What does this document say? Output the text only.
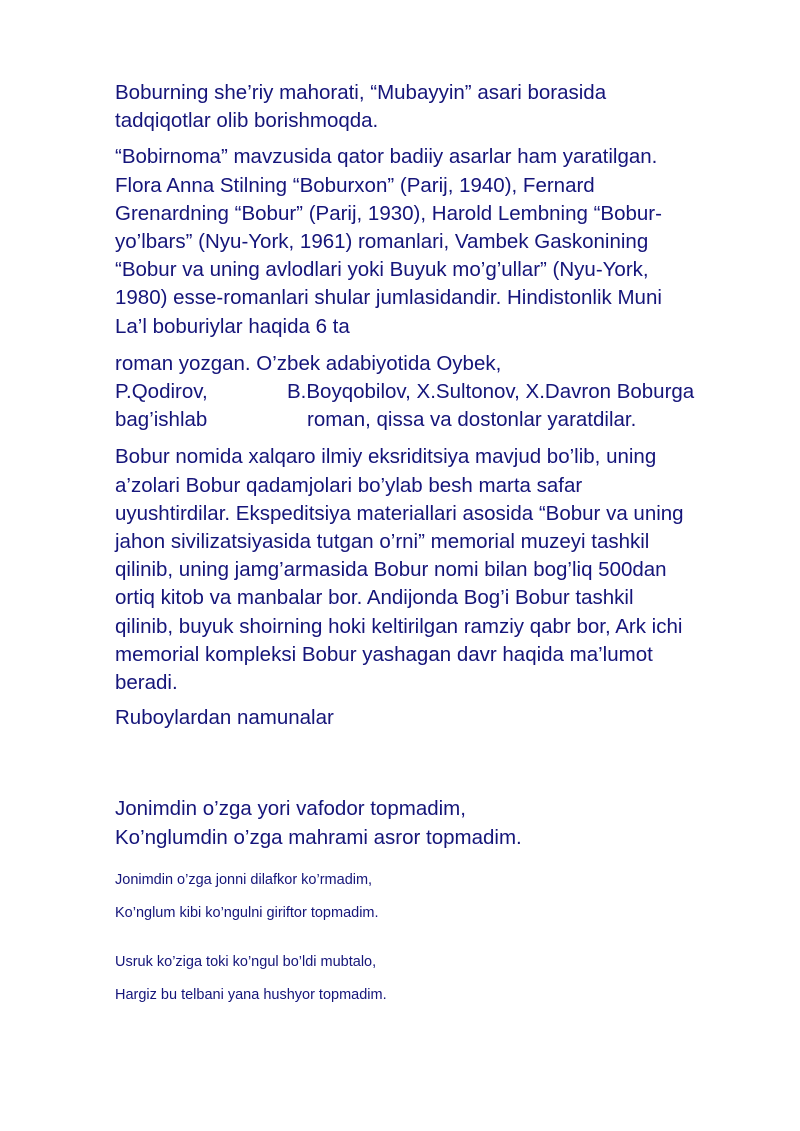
Boburning she’riy mahorati, “Mubayyin” asari borasida
tadqiqotlar olib borishmoqda.
“Bobirnoma” mavzusida qator badiiy asarlar ham yaratilgan.
Flora Anna Stilning “Boburxon” (Parij, 1940), Fernard
Grenardning “Bobur” (Parij, 1930), Harold Lembning “Bobur-
yo’lbars” (Nyu-York, 1961) romanlari, Vambek Gaskonining
“Bobur va uning avlodlari yoki Buyuk mo’g’ullar” (Nyu-York,
1980) esse-romanlari shular jumlasidandir. Hindistonlik Muni
La’l boburiylar haqida 6 ta
roman yozgan. O’zbek adabiyotida Oybek,
P.Qodirov,	B.Boyqobilov, X.Sultonov, X.Davron Boburga
bag’ishlab	roman, qissa va dostonlar yaratdilar.
Bobur nomida xalqaro ilmiy eksriditsiya mavjud bo’lib, uning
a’zolari Bobur qadamjolari bo’ylab besh marta safar
uyushtirdilar. Ekspeditsiya materiallari asosida “Bobur va uning
jahon sivilizatsiyasida tutgan o’rni” memorial muzeyi tashkil
qilinib, uning jamg’armasida Bobur nomi bilan bog’liq 500dan
ortiq kitob va manbalar bor. Andijonda Bog’i Bobur tashkil
qilinib, buyuk shoirning hoki keltirilgan ramziy qabr bor, Ark ichi
memorial kompleksi Bobur yashagan davr haqida ma’lumot
beradi.
Ruboylardan namunalar
Jonimdin o’zga yori vafodor topmadim,
Ko’nglumdin o’zga mahrami asror topmadim.
Jonimdin o’zga jonni dilafkor ko’rmadim,
Ko’nglum kibi ko’ngulni giriftor topmadim.
Usruk ko’ziga toki ko’ngul bo’ldi mubtalo,
Hargiz bu telbani yana hushyor topmadim.
